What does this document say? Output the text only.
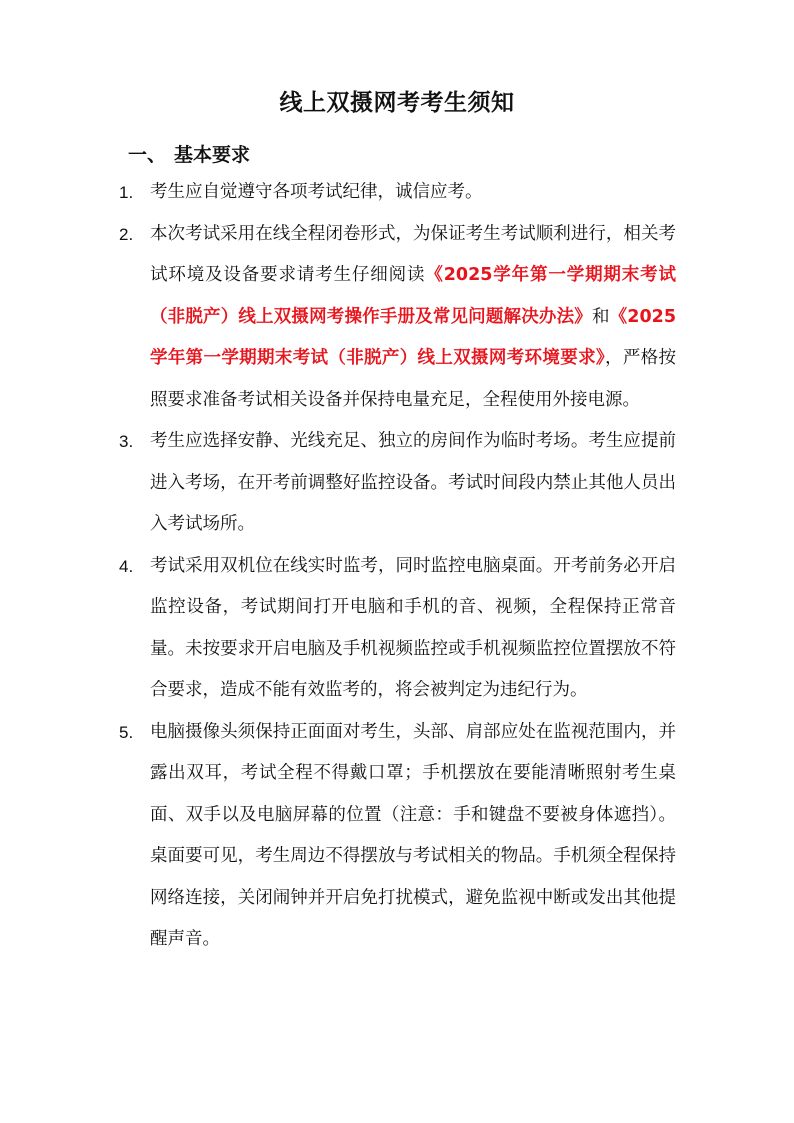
线上双摄网考考生须知
一、 基本要求
1. 考生应自觉遵守各项考试纪律，诚信应考。
2. 本次考试采用在线全程闭卷形式，为保证考生考试顺利进行，相关考试环境及设备要求请考生仔细阅读《2025学年第一学期期末考试（非脱产）线上双摄网考操作手册及常见问题解决办法》和《2025学年第一学期期末考试（非脱产）线上双摄网考环境要求》，严格按照要求准备考试相关设备并保持电量充足，全程使用外接电源。
3. 考生应选择安静、光线充足、独立的房间作为临时考场。考生应提前进入考场，在开考前调整好监控设备。考试时间段内禁止其他人员出入考试场所。
4. 考试采用双机位在线实时监考，同时监控电脑桌面。开考前务必开启监控设备，考试期间打开电脑和手机的音、视频，全程保持正常音量。未按要求开启电脑及手机视频监控或手机视频监控位置摆放不符合要求，造成不能有效监考的，将会被判定为违纪行为。
5. 电脑摄像头须保持正面面对考生，头部、肩部应处在监视范围内，并露出双耳，考试全程不得戴口罩；手机摆放在要能清晰照射考生桌面、双手以及电脑屏幕的位置（注意：手和键盘不要被身体遮挡）。桌面要可见，考生周边不得摆放与考试相关的物品。手机须全程保持网络连接，关闭闹钟并开启免打扰模式，避免监视中断或发出其他提醒声音。
